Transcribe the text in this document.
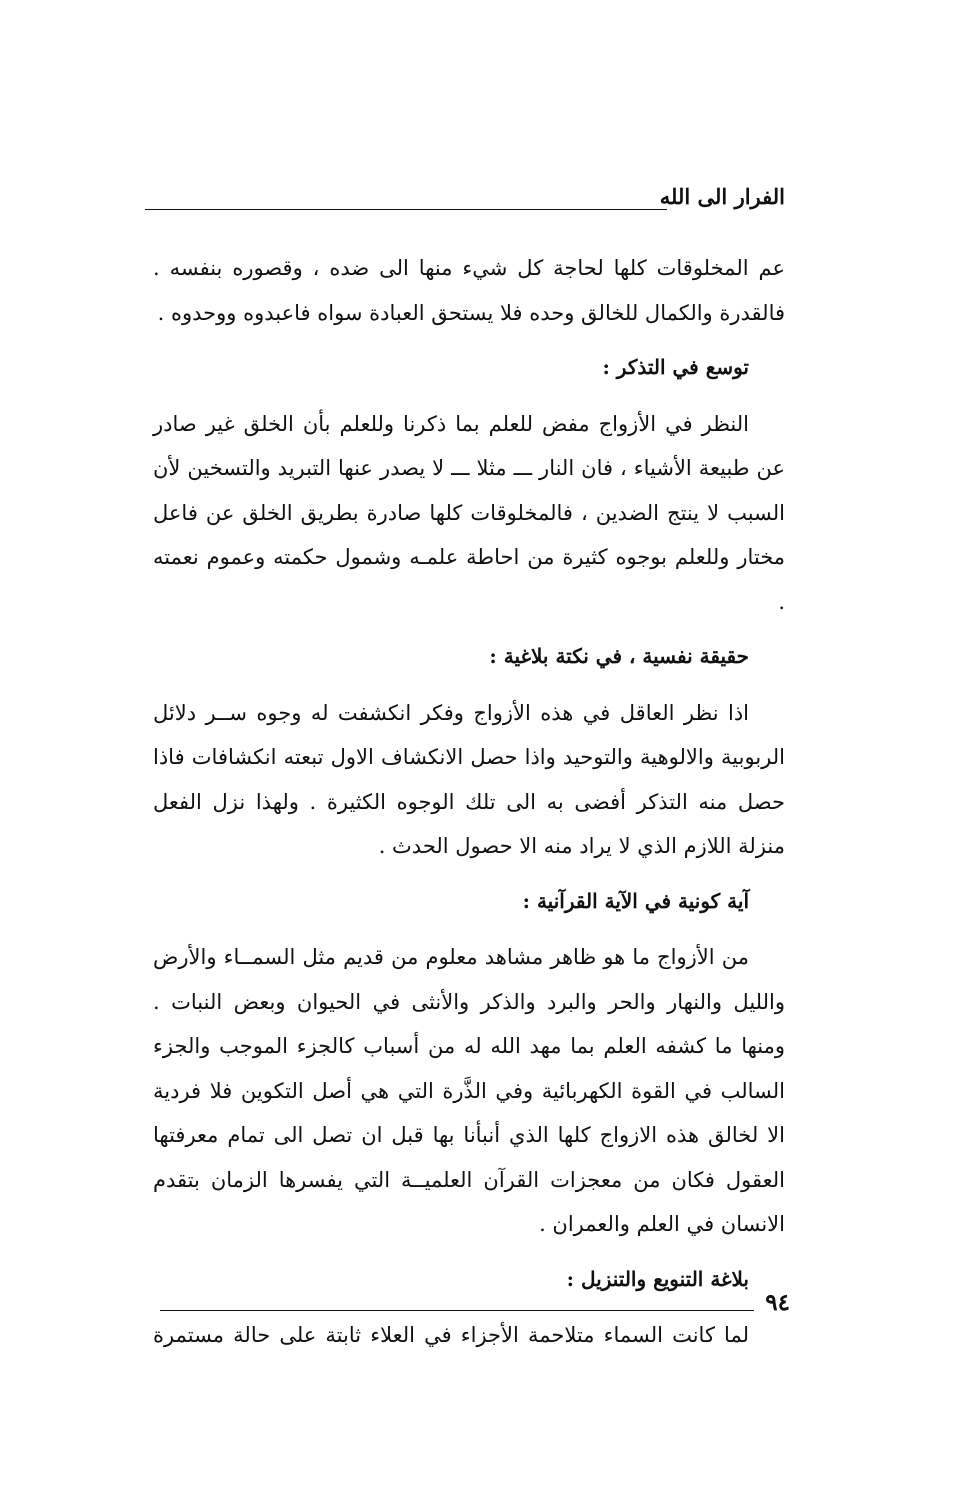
الفرار الى الله

عم المخلوقات كلها لحاجة كل شيء منها الى ضده ، وقصوره بنفسه .

فالقدرة والكمال للخالق وحده فلا يستحق العبادة سواه فاعبدوه ووحدوه .

توسع في التذكر :

النظر في الأزواج مفض للعلم بما ذكرنا وللعلم بأن الخلق غير صادر عن طبيعة الأشياء ، فان النار ـــ مثلا ـــ لا يصدر عنها التبريد والتسخين لأن السبب لا ينتج الضدين ، فالمخلوقات كلها صادرة بطريق الخلق عن فاعل مختار وللعلم بوجوه كثيرة من احاطة علمـه وشمول حكمته وعموم نعمته .

حقيقة نفسية ، في نكتة بلاغية :

اذا نظر العاقل في هذه الأزواج وفكر انكشفت له وجوه ســر دلائل الربوبية والالوهية والتوحيد واذا حصل الانكشاف الاول تبعته انكشافات فاذا حصل منه التذكر أفضى به الى تلك الوجوه الكثيرة . ولهذا نزل الفعل منزلة اللازم الذي لا يراد منه الا حصول الحدث .

آية كونية في الآية القرآنية :

من الأزواج ما هو ظاهر مشاهد معلوم من قديم مثل السمــاء والأرض والليل والنهار والحر والبرد والذكر والأنثى في الحيوان وبعض النبات . ومنها ما كشفه العلم بما مهد الله له من أسباب كالجزء الموجب والجزء السالب في القوة الكهربائية وفي الذَّرة التي هي أصل التكوين فلا فردية الا لخالق هذه الازواج كلها الذي أنبأنا بها قبل ان تصل الى تمام معرفتها العقول فكان من معجزات القرآن العلميــة التي يفسرها الزمان بتقدم الانسان في العلم والعمران .

بلاغة التنويع والتنزيل :

لما كانت السماء متلاحمة الأجزاء في العلاء ثابتة على حالة مستمرة

٩٤
